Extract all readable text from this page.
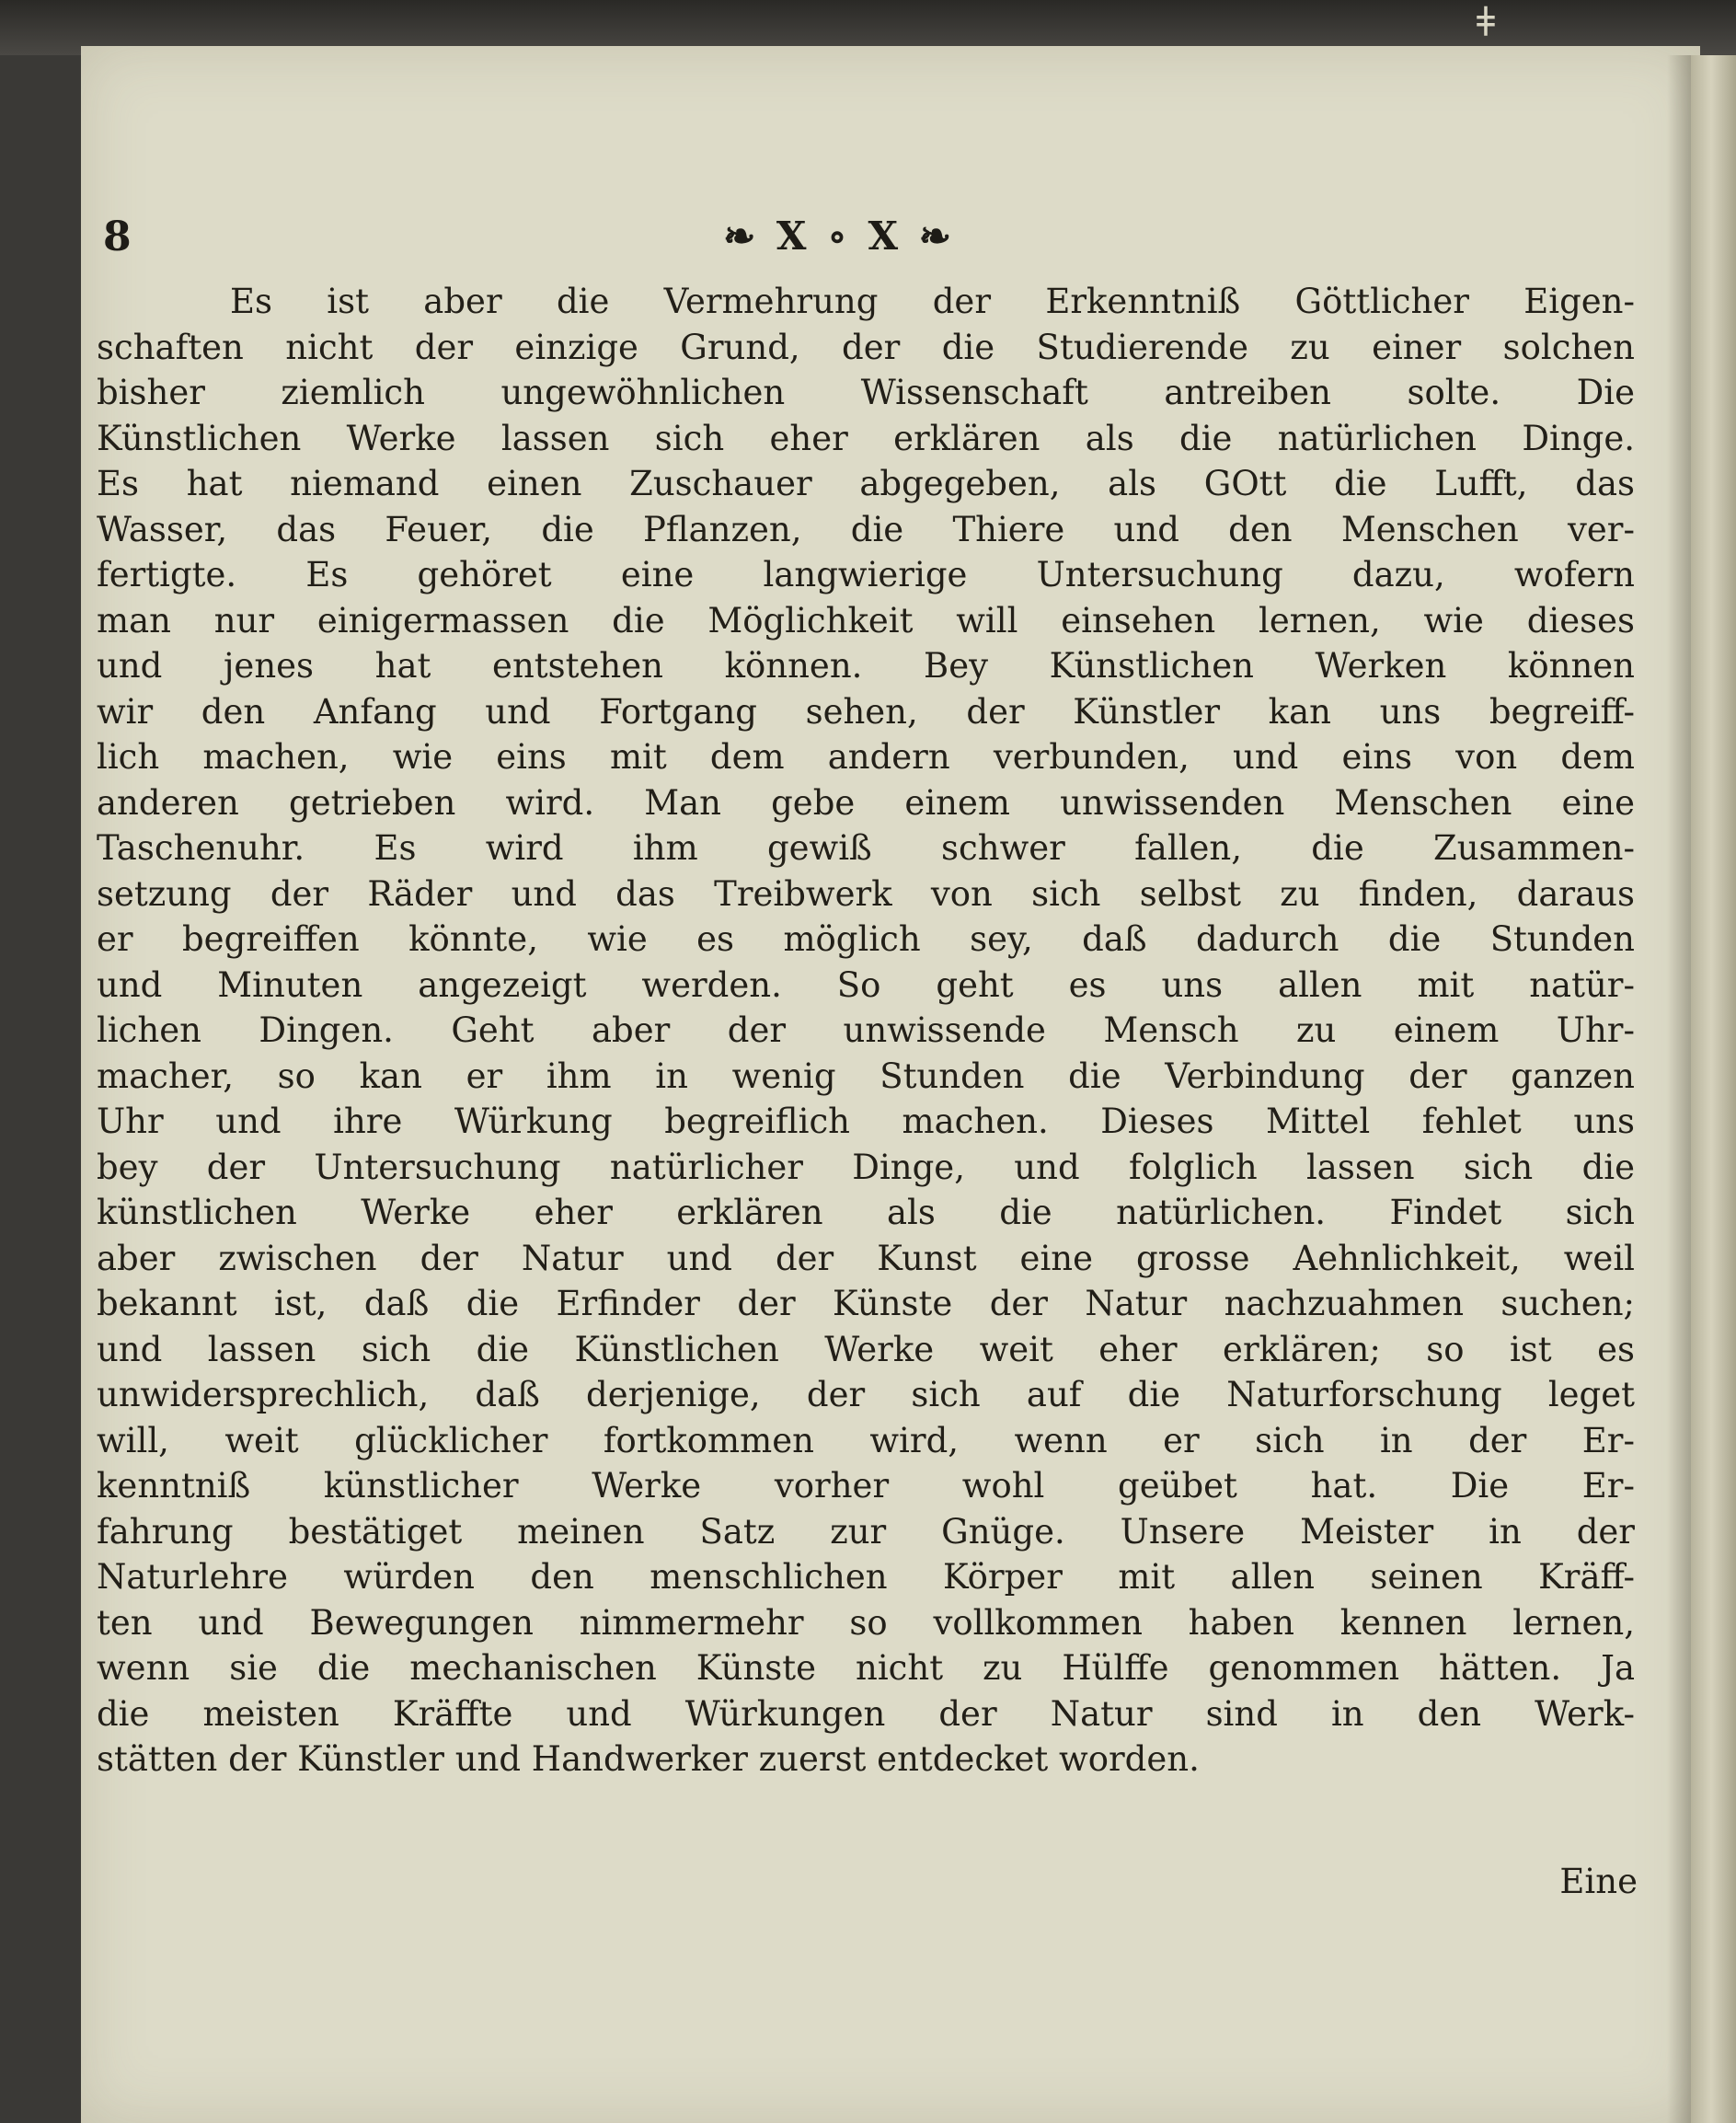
ǂ
8	❧ X ∘ X ❧
Es ist aber die Vermehrung der Erkenntniß Göttlicher Eigen-
schaften nicht der einzige Grund, der die Studierende zu einer solchen
bisher ziemlich ungewöhnlichen Wissenschaft antreiben solte. Die
Künstlichen Werke lassen sich eher erklären als die natürlichen Dinge.
Es hat niemand einen Zuschauer abgegeben, als GOtt die Lufft, das
Wasser, das Feuer, die Pflanzen, die Thiere und den Menschen ver-
fertigte. Es gehöret eine langwierige Untersuchung dazu, wofern
man nur einigermassen die Möglichkeit will einsehen lernen, wie dieses
und jenes hat entstehen können. Bey Künstlichen Werken können
wir den Anfang und Fortgang sehen, der Künstler kan uns begreiff-
lich machen, wie eins mit dem andern verbunden, und eins von dem
anderen getrieben wird. Man gebe einem unwissenden Menschen eine
Taschenuhr. Es wird ihm gewiß schwer fallen, die Zusammen-
setzung der Räder und das Treibwerk von sich selbst zu finden, daraus
er begreiffen könnte, wie es möglich sey, daß dadurch die Stunden
und Minuten angezeigt werden. So geht es uns allen mit natür-
lichen Dingen. Geht aber der unwissende Mensch zu einem Uhr-
macher, so kan er ihm in wenig Stunden die Verbindung der ganzen
Uhr und ihre Würkung begreiflich machen. Dieses Mittel fehlet uns
bey der Untersuchung natürlicher Dinge, und folglich lassen sich die
künstlichen Werke eher erklären als die natürlichen. Findet sich
aber zwischen der Natur und der Kunst eine grosse Aehnlichkeit, weil
bekannt ist, daß die Erfinder der Künste der Natur nachzuahmen suchen;
und lassen sich die Künstlichen Werke weit eher erklären; so ist es
unwidersprechlich, daß derjenige, der sich auf die Naturforschung leget
will, weit glücklicher fortkommen wird, wenn er sich in der Er-
kenntniß künstlicher Werke vorher wohl geübet hat. Die Er-
fahrung bestätiget meinen Satz zur Gnüge. Unsere Meister in der
Naturlehre würden den menschlichen Körper mit allen seinen Kräff-
ten und Bewegungen nimmermehr so vollkommen haben kennen lernen,
wenn sie die mechanischen Künste nicht zu Hülffe genommen hätten. Ja
die meisten Kräffte und Würkungen der Natur sind in den Werk-
stätten der Künstler und Handwerker zuerst entdecket worden.
Eine
